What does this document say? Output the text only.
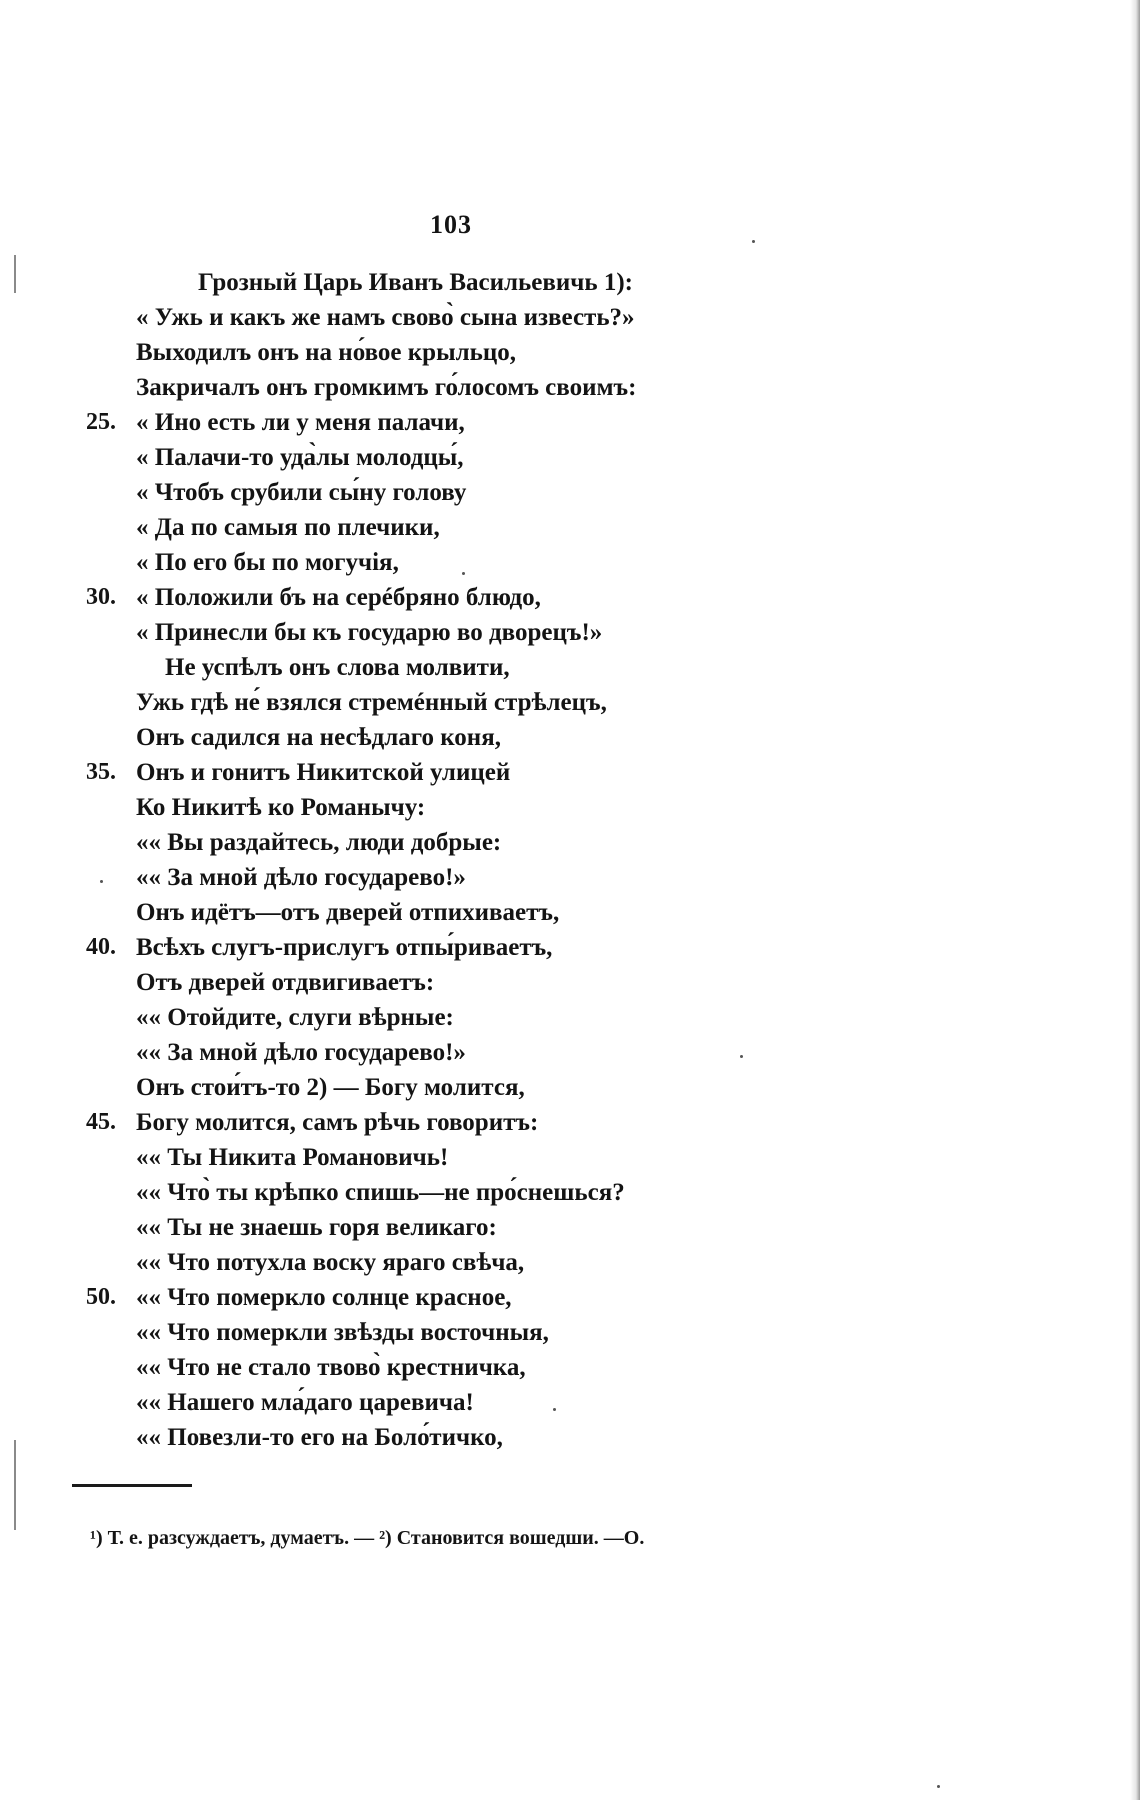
103
Грозный Царь Иванъ Васильевичь 1):
« Ужь и какъ же намъ свово̀ сына известь?»
Выходилъ онъ на но́вое крыльцо,
Закричалъ онъ громкимъ го́лосомъ своимъ:
25. « Ино есть ли у меня палачи,
« Палачи-то уда̀лы молодцы́,
« Чтобъ срубили сы́ну голову
« Да по самыя по плечики,
« По его бы по могучія,
30. « Положили бъ на серéбряно блюдо,
« Принесли бы къ государю во дворецъ!»
Не успѣлъ онъ слова молвити,
Ужь гдѣ не́ взялся стремéнный стрѣлецъ,
Онъ садился на несѣдлаго коня,
35. Онъ и гонитъ Никитской улицей
Ко Никитѣ ко Романычу:
«« Вы раздайтесь, люди добрые:
«« За мной дѣло государево!»
Онъ идётъ—отъ дверей отпихиваетъ,
40. Всѣхъ слугъ-прислугъ отпы́риваетъ,
Отъ дверей отдвигиваетъ:
«« Отойдите, слуги вѣрные:
«« За мной дѣло государево!»
Онъ стои́тъ-то 2) — Богу молится,
45. Богу молится, самъ рѣчь говоритъ:
«« Ты Никита Романовичь!
«« Что̀ ты крѣпко спишь—не про́снешься?
«« Ты не знаешь горя великаго:
«« Что потухла воску яраго свѣча,
50. «« Что померкло солнце красное,
«« Что померкли звѣзды восточныя,
«« Что не стало твово̀ крестничка,
«« Нашего мла́даго царевича!
«« Повезли-то его на Боло́тичко,
¹) Т. е. разсуждаетъ, думаетъ. — ²) Становится вошедши. —О.
